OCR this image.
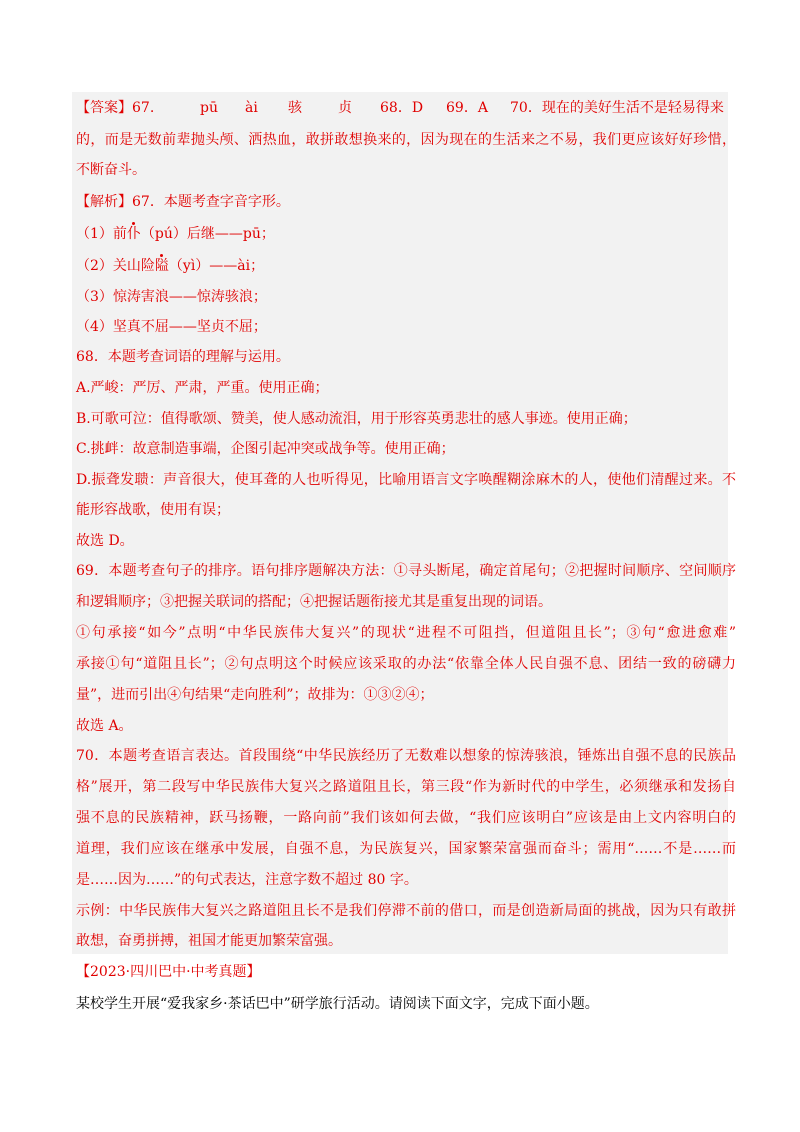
【答案】67.	pū ài 骇	贞 68．D 69．A 70．现在的美好生活不是轻易得来
的，而是无数前辈抛头颅、洒热血，敢拼敢想换来的，因为现在的生活来之不易，我们更应该好好珍惜，
不断奋斗。
【解析】67．本题考查字音字形。
（1）前仆（pú）后继——pū；
（2）关山险隘（yì）——ài；
（3）惊涛害浪——惊涛骇浪；
（4）坚真不屈——坚贞不屈；
68．本题考查词语的理解与运用。
A.严峻：严厉、严肃，严重。使用正确；
B.可歌可泣：值得歌颂、赞美，使人感动流泪，用于形容英勇悲壮的感人事迹。使用正确；
C.挑衅：故意制造事端，企图引起冲突或战争等。使用正确；
D.振聋发聩：声音很大，使耳聋的人也听得见，比喻用语言文字唤醒糊涂麻木的人，使他们清醒过来。不
能形容战歌，使用有误；
故选 D。
69．本题考查句子的排序。语句排序题解决方法：①寻头断尾，确定首尾句；②把握时间顺序、空间顺序
和逻辑顺序；③把握关联词的搭配；④把握话题衔接尤其是重复出现的词语。
①句承接“如今”点明“中华民族伟大复兴”的现状“进程不可阻挡，但道阻且长”；③句“愈进愈难”
承接①句“道阻且长”；②句点明这个时候应该采取的办法“依靠全体人民自强不息、团结一致的磅礴力
量”，进而引出④句结果“走向胜利”；故排为：①③②④；
故选 A。
70．本题考查语言表达。首段围绕“中华民族经历了无数难以想象的惊涛骇浪，锤炼出自强不息的民族品
格”展开，第二段写中华民族伟大复兴之路道阻且长，第三段“作为新时代的中学生，必须继承和发扬自
强不息的民族精神，跃马扬鞭，一路向前”我们该如何去做，“我们应该明白”应该是由上文内容明白的
道理，我们应该在继承中发展，自强不息，为民族复兴，国家繁荣富强而奋斗；需用“……不是……而
是……因为……”的句式表达，注意字数不超过 80 字。
示例：中华民族伟大复兴之路道阻且长不是我们停滞不前的借口，而是创造新局面的挑战，因为只有敢拼
敢想，奋勇拼搏，祖国才能更加繁荣富强。
【2023·四川巴中·中考真题】
某校学生开展“爱我家乡·茶话巴中”研学旅行活动。请阅读下面文字，完成下面小题。
